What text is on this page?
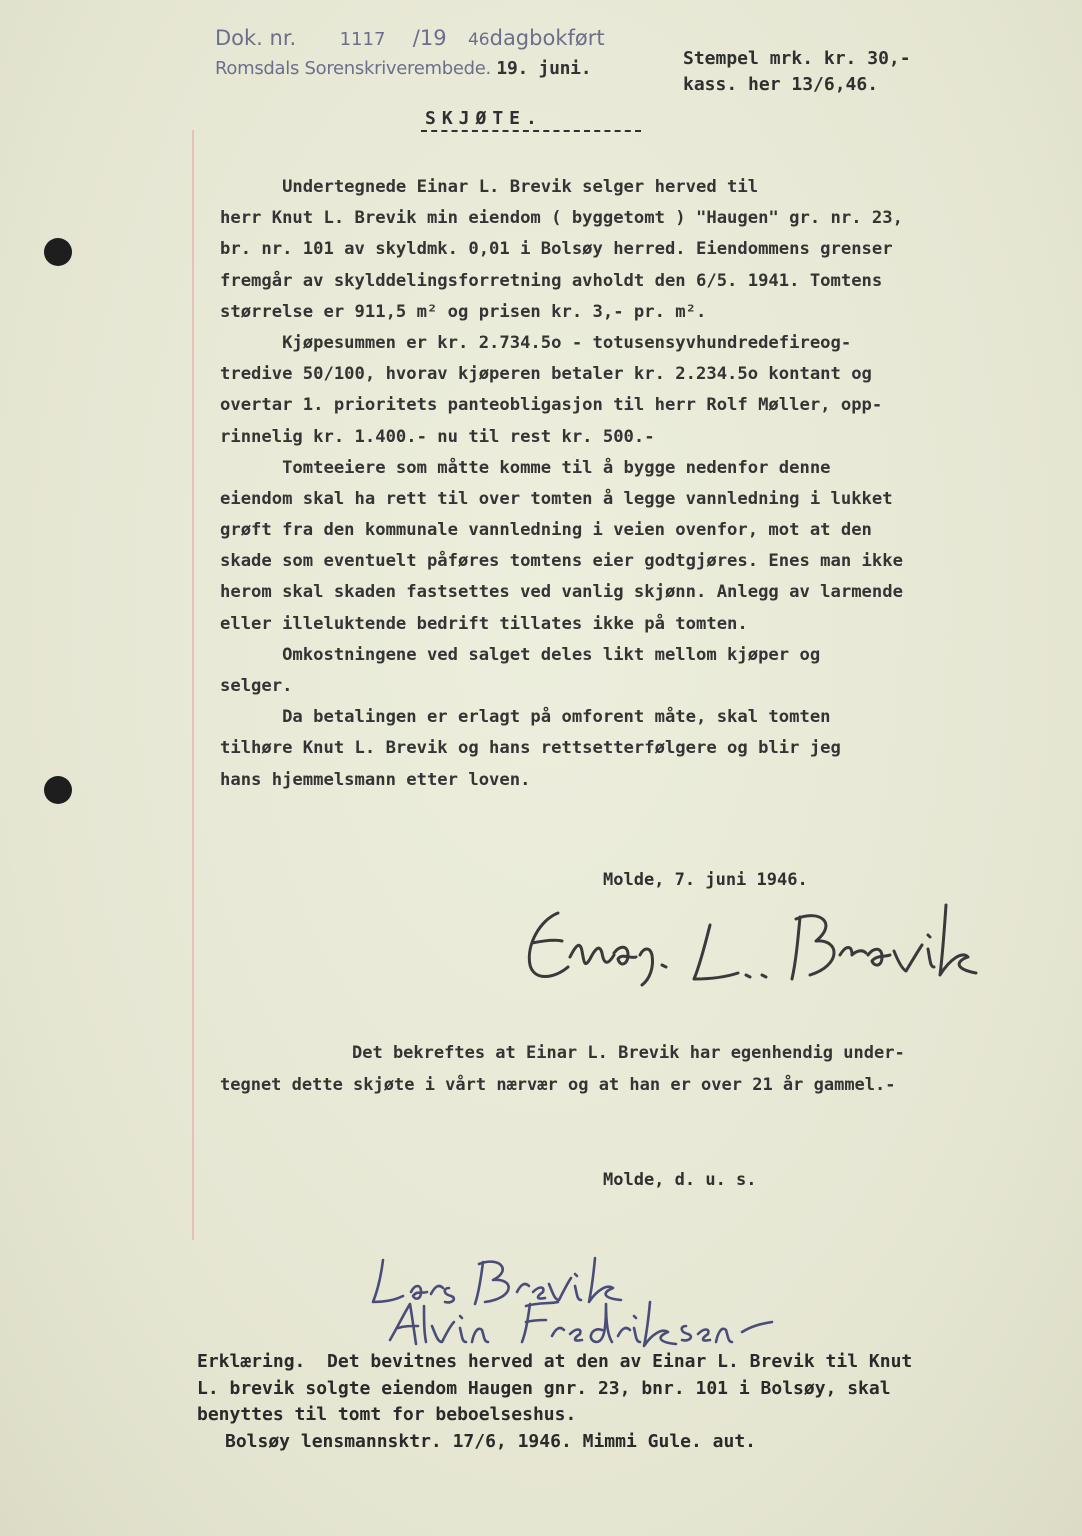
Dok. nr. 1117 /19 46dagbokført
Romsdals Sorenskriverembede. 19. juni.	Stempel mrk. kr. 30,-
kass. her 13/6,46.
SKJØTE.
Undertegnede Einar L. Brevik selger herved til
herr Knut L. Brevik min eiendom ( byggetomt ) "Haugen" gr. nr. 23,
br. nr. 101 av skyldmk. 0,01 i Bolsøy herred. Eiendommens grenser
fremgår av skylddelingsforretning avholdt den 6/5. 1941. Tomtens
størrelse er 911,5 m² og prisen kr. 3,- pr. m².
Kjøpesummen er kr. 2.734.5o - totusensyvhundredefireog-
tredive 50/100, hvorav kjøperen betaler kr. 2.234.5o kontant og
overtar 1. prioritets panteobligasjon til herr Rolf Møller, opp-
rinnelig kr. 1.400.- nu til rest kr. 500.-
Tomteeiere som måtte komme til å bygge nedenfor denne
eiendom skal ha rett til over tomten å legge vannledning i lukket
grøft fra den kommunale vannledning i veien ovenfor, mot at den
skade som eventuelt påføres tomtens eier godtgjøres. Enes man ikke
herom skal skaden fastsettes ved vanlig skjønn. Anlegg av larmende
eller illeluktende bedrift tillates ikke på tomten.
Omkostningene ved salget deles likt mellom kjøper og
selger.
Da betalingen er erlagt på omforent måte, skal tomten
tilhøre Knut L. Brevik og hans rettsetterfølgere og blir jeg
hans hjemmelsmann etter loven.
Molde, 7. juni 1946.
Det bekreftes at Einar L. Brevik har egenhendig under-
tegnet dette skjøte i vårt nærvær og at han er over 21 år gammel.-
Molde, d. u. s.
Erklæring.  Det bevitnes herved at den av Einar L. Brevik til Knut
L. brevik solgte eiendom Haugen gnr. 23, bnr. 101 i Bolsøy, skal
benyttes til tomt for beboelseshus.
Bolsøy lensmannsktr. 17/6, 1946. Mimmi Gule. aut.
